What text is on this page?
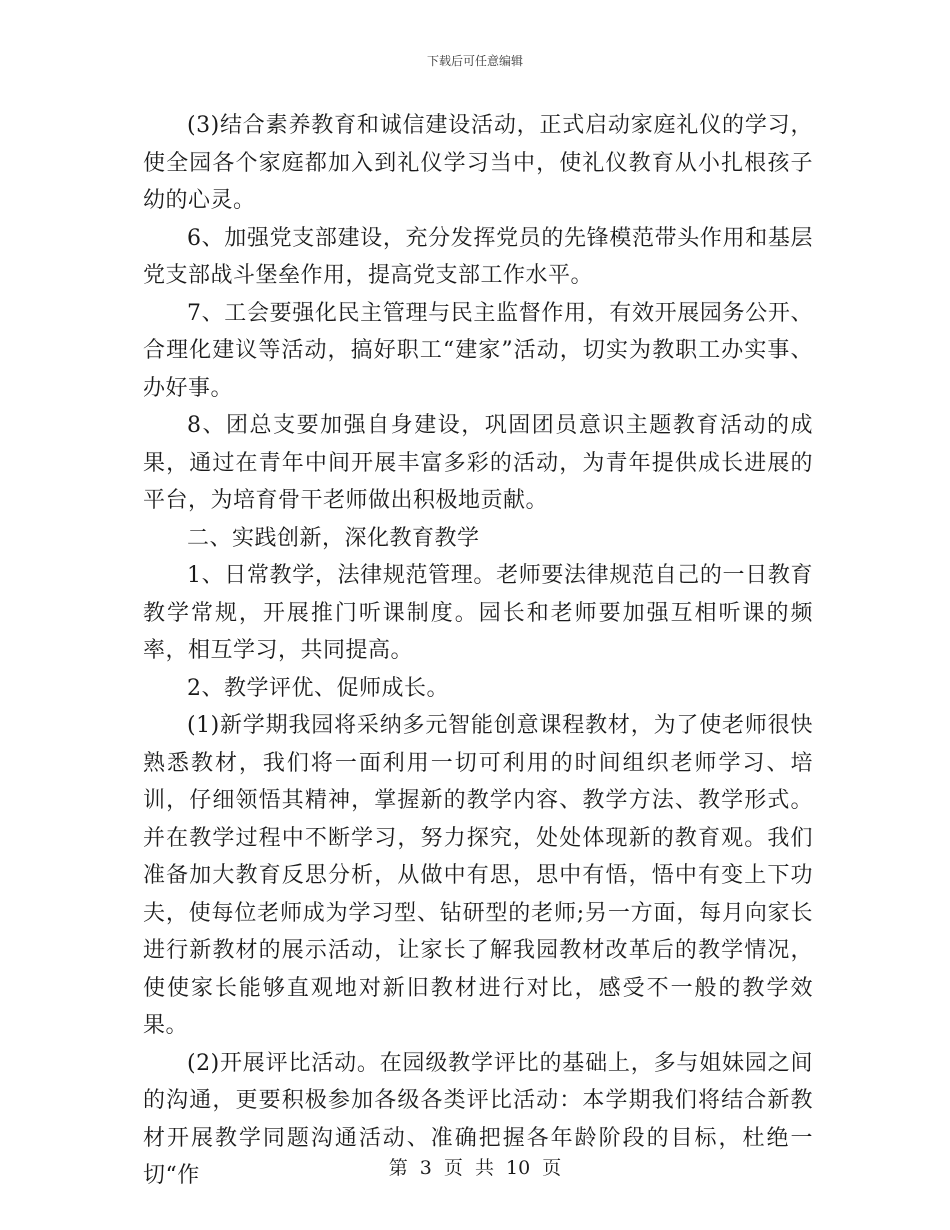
下载后可任意编辑

(3)结合素养教育和诚信建设活动，正式启动家庭礼仪的学习，使全园各个家庭都加入到礼仪学习当中，使礼仪教育从小扎根孩子幼的心灵。

6、加强党支部建设，充分发挥党员的先锋模范带头作用和基层党支部战斗堡垒作用，提高党支部工作水平。

7、工会要强化民主管理与民主监督作用，有效开展园务公开、合理化建议等活动，搞好职工“建家”活动，切实为教职工办实事、办好事。

8、团总支要加强自身建设，巩固团员意识主题教育活动的成果，通过在青年中间开展丰富多彩的活动，为青年提供成长进展的平台，为培育骨干老师做出积极地贡献。

二、实践创新，深化教育教学

1、日常教学，法律规范管理。老师要法律规范自己的一日教育教学常规，开展推门听课制度。园长和老师要加强互相听课的频率，相互学习，共同提高。

2、教学评优、促师成长。

(1)新学期我园将采纳多元智能创意课程教材，为了使老师很快熟悉教材，我们将一面利用一切可利用的时间组织老师学习、培训，仔细领悟其精神，掌握新的教学内容、教学方法、教学形式。并在教学过程中不断学习，努力探究，处处体现新的教育观。我们准备加大教育反思分析，从做中有思，思中有悟，悟中有变上下功夫，使每位老师成为学习型、钻研型的老师;另一方面，每月向家长进行新教材的展示活动，让家长了解我园教材改革后的教学情况，使使家长能够直观地对新旧教材进行对比，感受不一般的教学效果。

(2)开展评比活动。在园级教学评比的基础上，多与姐妹园之间的沟通，更要积极参加各级各类评比活动：本学期我们将结合新教材开展教学同题沟通活动、准确把握各年龄阶段的目标，杜绝一切“作	第 3 页 共 10 页
